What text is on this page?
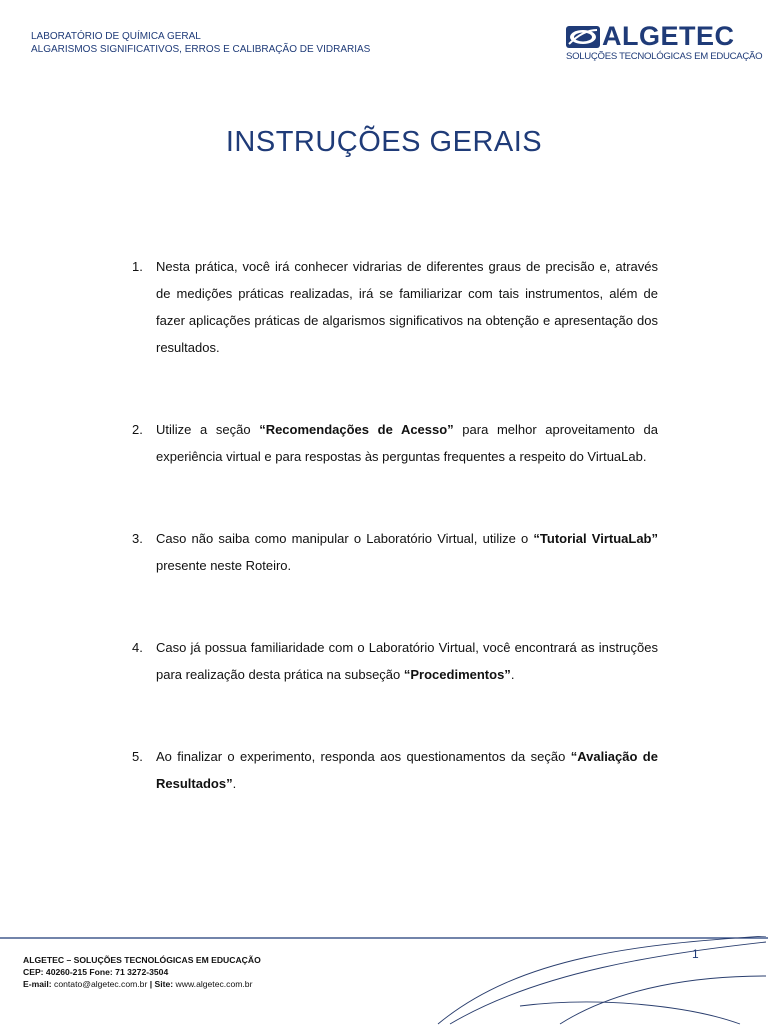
LABORATÓRIO DE QUÍMICA GERAL
ALGARISMOS SIGNIFICATIVOS, ERROS E CALIBRAÇÃO DE VIDRARIAS	ALGETEC
SOLUÇÕES TECNOLÓGICAS EM EDUCAÇÃO
INSTRUÇÕES GERAIS
1. Nesta prática, você irá conhecer vidrarias de diferentes graus de precisão e, através de medições práticas realizadas, irá se familiarizar com tais instrumentos, além de fazer aplicações práticas de algarismos significativos na obtenção e apresentação dos resultados.
2. Utilize a seção “Recomendações de Acesso” para melhor aproveitamento da experiência virtual e para respostas às perguntas frequentes a respeito do VirtuaLab.
3. Caso não saiba como manipular o Laboratório Virtual, utilize o “Tutorial VirtuaLab” presente neste Roteiro.
4. Caso já possua familiaridade com o Laboratório Virtual, você encontrará as instruções para realização desta prática na subseção “Procedimentos”.
5. Ao finalizar o experimento, responda aos questionamentos da seção “Avaliação de Resultados”.
ALGETEC – SOLUÇÕES TECNOLÓGICAS EM EDUCAÇÃO
CEP: 40260-215 Fone: 71 3272-3504
E-mail: contato@algetec.com.br | Site: www.algetec.com.br
1
